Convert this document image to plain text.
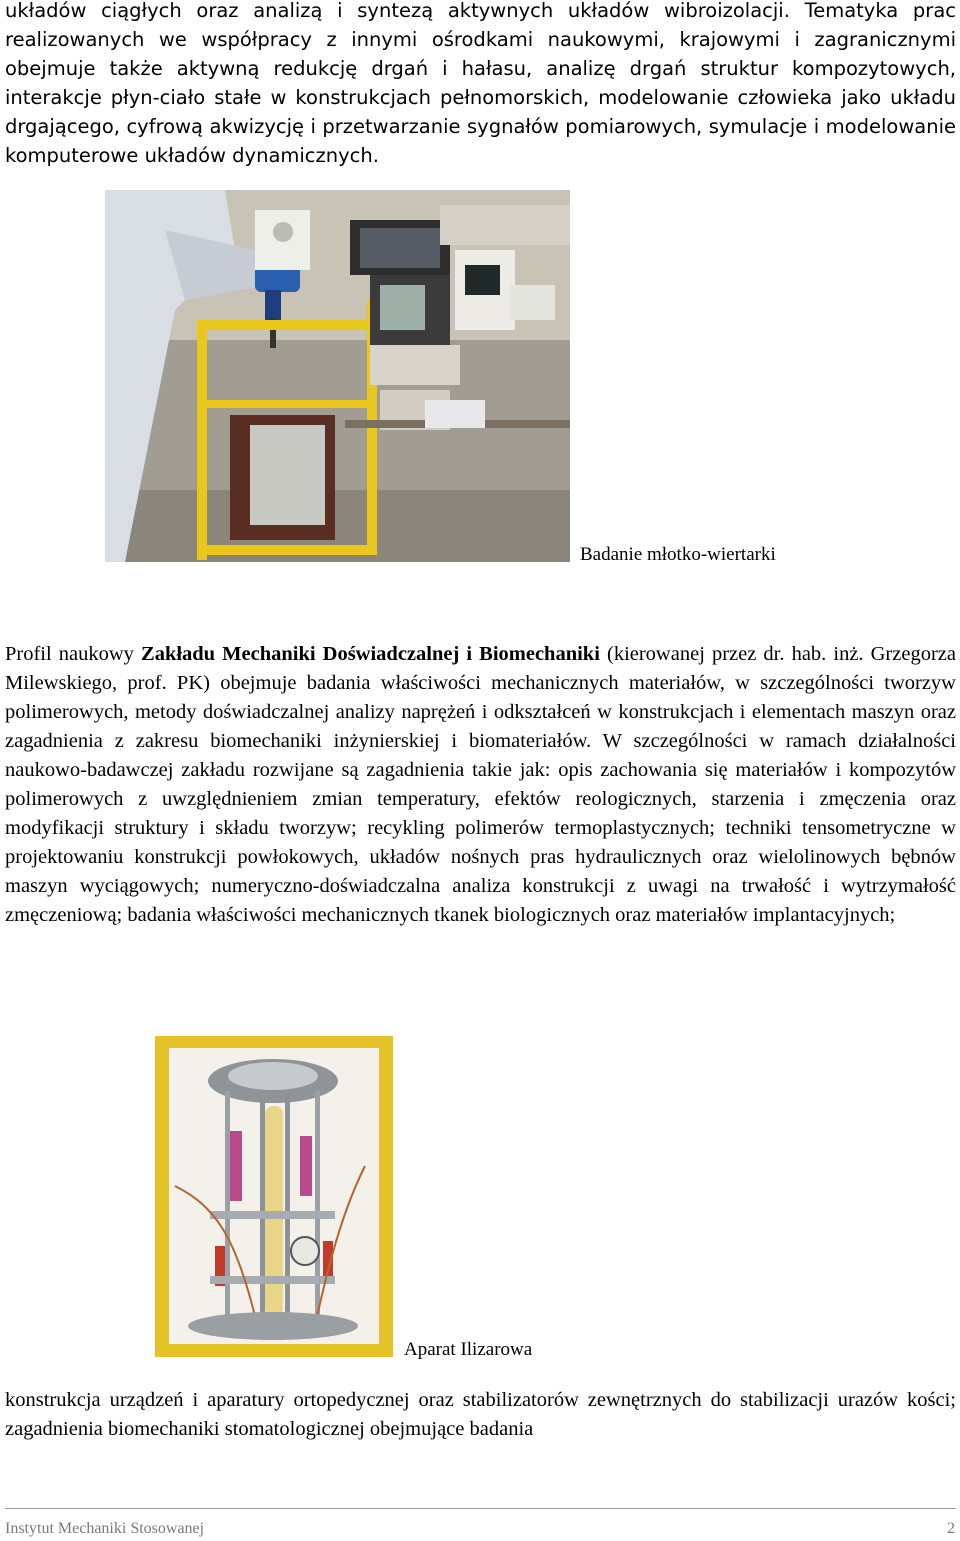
układów ciągłych oraz analizą i syntezą aktywnych układów wibroizolacji. Tematyka prac realizowanych we współpracy z innymi ośrodkami naukowymi, krajowymi i zagranicznymi obejmuje także aktywną redukcję drgań i hałasu, analizę drgań struktur kompozytowych, interakcje płyn-ciało stałe w konstrukcjach pełnomorskich, modelowanie człowieka jako układu drgającego, cyfrową akwizycję i przetwarzanie sygnałów pomiarowych, symulacje i modelowanie komputerowe układów dynamicznych.

Badanie młotko-wiertarki

Profil naukowy Zakładu Mechaniki Doświadczalnej i Biomechaniki (kierowanej przez dr. hab. inż. Grzegorza Milewskiego, prof. PK) obejmuje badania właściwości mechanicznych materiałów, w szczególności tworzyw polimerowych, metody doświadczalnej analizy naprężeń i odkształceń w konstrukcjach i elementach maszyn oraz zagadnienia z zakresu biomechaniki inżynierskiej i biomateriałów. W szczególności w ramach działalności naukowo-badawczej zakładu rozwijane są zagadnienia takie jak: opis zachowania się materiałów i kompozytów polimerowych z uwzględnieniem zmian temperatury, efektów reologicznych, starzenia i zmęczenia oraz modyfikacji struktury i składu tworzyw; recykling polimerów termoplastycznych; techniki tensometryczne w projektowaniu konstrukcji powłokowych, układów nośnych pras hydraulicznych oraz wielolinowych bębnów maszyn wyciągowych; numeryczno-doświadczalna analiza konstrukcji z uwagi na trwałość i wytrzymałość zmęczeniową; badania właściwości mechanicznych tkanek biologicznych oraz materiałów implantacyjnych;

Aparat Ilizarowa

konstrukcja urządzeń i aparatury ortopedycznej oraz stabilizatorów zewnętrznych do stabilizacji urazów kości; zagadnienia biomechaniki stomatologicznej obejmujące badania

Instytut Mechaniki Stosowanej	2
